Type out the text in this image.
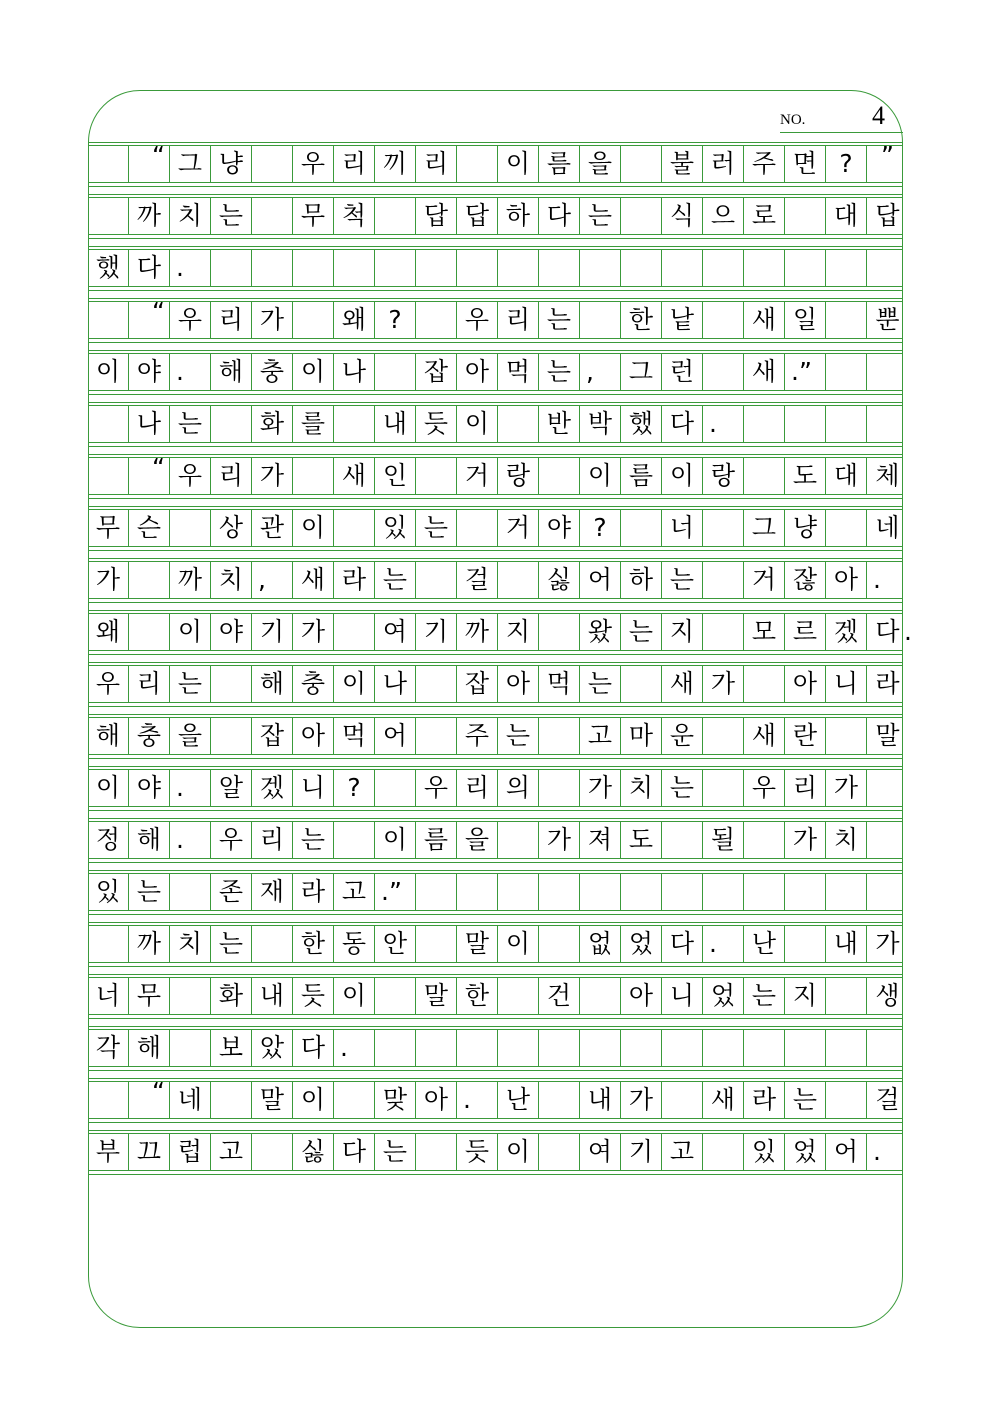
NO.	4
“ 그 냥	우 리 끼 리	이 름 을	불 러 주 면 ?	”
까 치 는	무 척	답 답 하 다 는	식 으 로	대 답
했 다 .
“ 우 리 가	왜 ?	우 리 는	한 낱	새 일	뿐
이 야 .	해 충 이 나	잡 아 먹 는 ,	그 런	새 .”
나 는	화 를	내 듯 이	반 박 했 다 .
“ 우 리 가	새 인	거 랑	이 름 이 랑	도 대 체
무 슨	상 관 이	있 는	거 야 ?	너	그 냥	네
가	까 치 ,	새 라 는	걸	싫 어 하 는	거 잖 아 .
왜	이 야 기 가	여 기 까 지	왔 는 지	모 르 겠 다 .
우 리 는	해 충 이 나	잡 아 먹 는	새 가	아 니 라
해 충 을	잡 아 먹 어	주 는	고 마 운	새 란	말
이 야 .	알 겠 니 ?	우 리 의	가 치 는	우 리 가
정 해 .	우 리 는	이 름 을	가 져 도	될	가 치
있 는	존 재 라 고 .”
까 치 는	한 동 안	말 이	없 었 다 .	난	내 가
너 무	화 내 듯 이	말 한	건	아 니 었 는 지	생
각 해	보 았 다 .
“ 네	말 이	맞 아 .	난	내 가	새 라 는	걸
부 끄 럽 고	싫 다 는	듯 이	여 기 고	있 었 어 .
